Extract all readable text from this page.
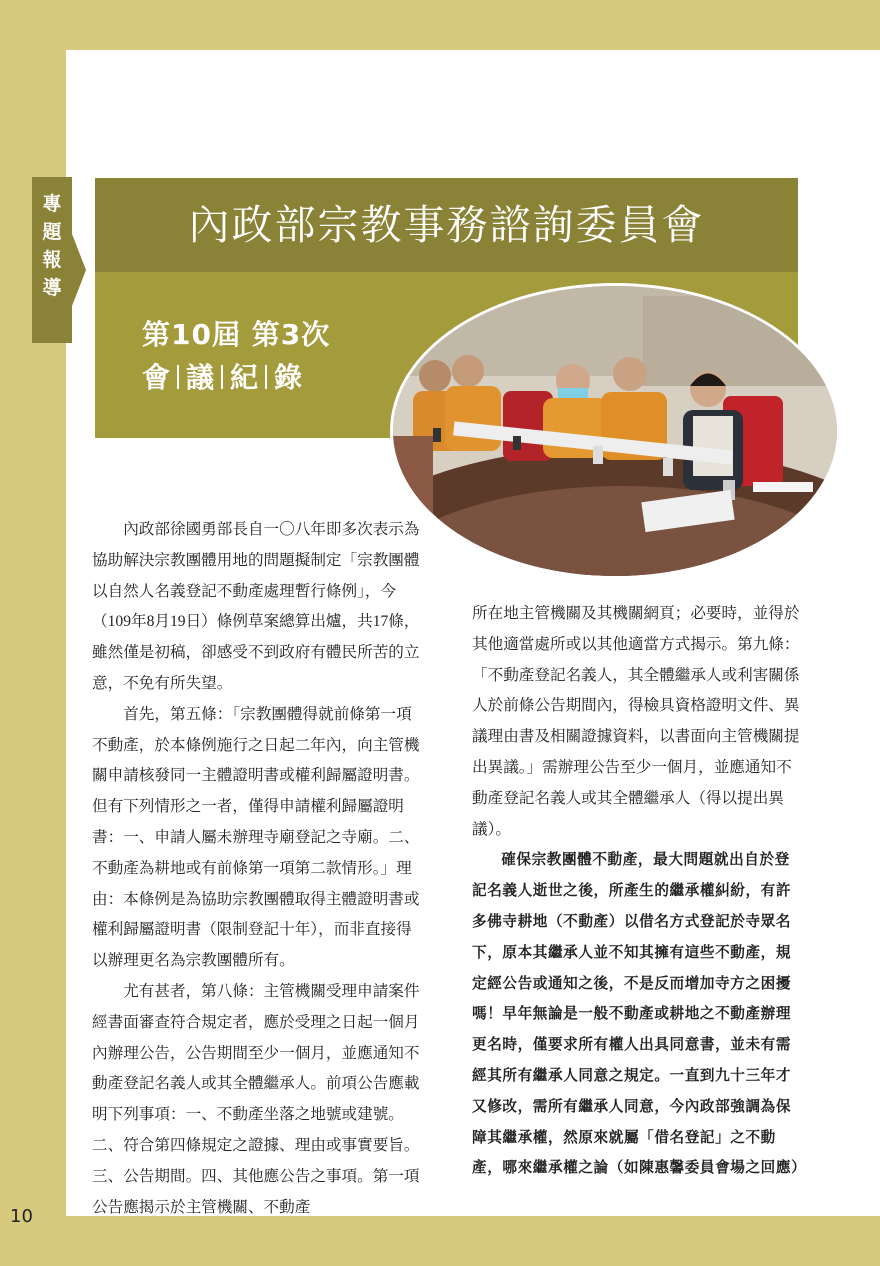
專
題
報
導
內政部宗教事務諮詢委員會
第10屆 第3次
會 議 紀 錄

內政部徐國勇部長自一〇八年即多次表示為協助解決宗教團體用地的問題擬制定「宗教團體以自然人名義登記不動產處理暫行條例」，今（109年8月19日）條例草案總算出爐，共17條，雖然僅是初稿，卻感受不到政府有體民所苦的立意，不免有所失望。

首先，第五條：「宗教團體得就前條第一項不動產，於本條例施行之日起二年內，向主管機關申請核發同一主體證明書或權利歸屬證明書。但有下列情形之一者，僅得申請權利歸屬證明書：一、申請人屬未辦理寺廟登記之寺廟。二、不動產為耕地或有前條第一項第二款情形。」理由：本條例是為協助宗教團體取得主體證明書或權利歸屬證明書（限制登記十年），而非直接得以辦理更名為宗教團體所有。

尤有甚者，第八條：主管機關受理申請案件經書面審查符合規定者，應於受理之日起一個月內辦理公告，公告期間至少一個月，並應通知不動產登記名義人或其全體繼承人。前項公告應載明下列事項：一、不動產坐落之地號或建號。二、符合第四條規定之證據、理由或事實要旨。三、公告期間。四、其他應公告之事項。第一項公告應揭示於主管機關、不動產

所在地主管機關及其機關網頁；必要時，並得於其他適當處所或以其他適當方式揭示。第九條：「不動產登記名義人，其全體繼承人或利害關係人於前條公告期間內，得檢具資格證明文件、異議理由書及相關證據資料，以書面向主管機關提出異議。」需辦理公告至少一個月，並應通知不動產登記名義人或其全體繼承人（得以提出異議）。

確保宗教團體不動產，最大問題就出自於登記名義人逝世之後，所產生的繼承權糾紛，有許多佛寺耕地（不動產）以借名方式登記於寺眾名下，原本其繼承人並不知其擁有這些不動產，規定經公告或通知之後，不是反而增加寺方之困擾嗎！早年無論是一般不動產或耕地之不動產辦理更名時，僅要求所有權人出具同意書，並未有需經其所有繼承人同意之規定。一直到九十三年才又修改，需所有繼承人同意，今內政部強調為保障其繼承權，然原來就屬「借名登記」之不動產，哪來繼承權之論（如陳惠馨委員會場之回應）

10
